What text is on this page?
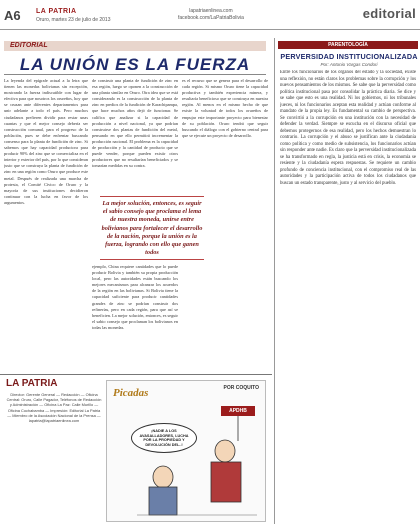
A6 LA PATRIA
Oruro, martes 23 de julio de 2013
lapatriaenlinea.com
facebook.com/LaPatriaBolivia	editorial
EDITORIAL
LA UNIÓN ES LA FUERZA
La leyenda del epígrafe actual a la letra que tienen las monedas bolivianas sin excepción, mostrando la fuerza indiscutible con lugar de efectiva para que nosotros los orureños, hoy que se cruzan ante diferentes departamentos para unir adelante a todo el país. Pero muchos ciudadanos prefieren dividir para restar unas cuantas y que el mejor consejo debería ser construcción comunal, para el progreso de la población, pues se debe enfrentar buscando consenso para la planta de fundición de zinc. Si sabemos que hay capacidad productora para producir 90% del zinc que se comercializa en el interior y exterior del país, por lo que consideran justo que se construya la planta de fundición de zinc en una región como Oruro que produce este metal. Después de realizada una marcha de protesta, el Comité Cívico de Oruro y la mayoría de sus instituciones decidieron continuar con la lucha en favor de los argumentos.
de construir una planta de fundición de zinc en esa región, luego se oponen a la construcción de una planta similar en Oruro. Otra idea que se está considerando es la construcción de la planta de zinc en predios de la fundición de Karachipampa, que hace muchos años dejó de funcionar. Se califica que analizar si la capacidad de producción a nivel nacional, ya que podrían construirse dos plantas de fundición del metal, pensando en que ello permitirá incrementar la producción nacional. El problema es la capacidad de producción y la cantidad de producto que se puede vender, porque pueden existir otros productores que no resultarían beneficiados y se tomarían medidas en su contra.
es el recurso que se genera para el desarrollo de cada región. Si mismo Oruro tiene la capacidad productiva y también experiencia minera, y resultaría beneficioso que se construya en nuestra región. Al menos en el mismo hecho de que existe la voluntad de todos los orureños de empujar este importante proyecto para bienestar de su población. Oruro tendrá que seguir buscando el diálogo con el gobierno central para que se ejecute un proyecto de desarrollo.
ejemplo, China requiere cantidades que lo puede producir Bolivia y también su propia producción local, pero las autoridades están buscando los mejores mecanismos para alcanzar los acuerdos de la región en las bolivianas. Si Bolivia tiene la capacidad suficiente para producir cantidades grandes de zinc se podrían construir dos refinerías, pero en cada región, para que así se beneficien. La mejor solución, entonces, es seguir el sabio consejo que proclaman los bolivianos en todas las monedas.
La mejor solución, entonces, es seguir el sabio consejo que proclama el lema de nuestra moneda, unirse entre bolivianos para fortalecer el desarrollo de la nación, porque la unión es la fuerza, logrando con ello que ganen todos
LA PATRIA
Director: Gerente General — Redacción — Oficina Central: Oruro, Calle Pagador, Teléfonos de Redacción y Administración — Oficina La Paz: Calle Murillo — Oficina Cochabamba — Impresión: Editorial La Patria — Miembro de la Asociación Nacional de la Prensa — lapatria@lapatriaenlinea.com
Picadas	POR COQUITO
¡NADIE A LOS AVASALLADORES, LUCHA POR LA PROPIEDAD Y DEVOLUCIÓN DEL..!
APDHB
PARENTOLOGÍA
PERVERSIDAD INSTITUCIONALIZADA
Por: Antonio Vargas Condori
Entre los funcionarios de los órganos del estado y la sociedad, existe una reflexión, no están claros los problemas sobre la corrupción y los nuevos pensamientos de los mismos. Se sabe que la perversidad como política institucional pasa por consolidar la práctica diaria. Se dice y se sabe que esto es una realidad. Ni los gobiernos, ni los tribunales jueces, ni los funcionarios aceptan esta realidad y actúan conforme al mandato de la propia ley. Es fundamental su cambio de perspectiva. Se convirtió a la corrupción en una institución con la necesidad de defender la verdad. Siempre se escucha en el discurso oficial que debemos protegernos de esa realidad, pero los hechos demuestran lo contrario. La corrupción y el abuso se justifican ante la ciudadanía como política y como medio de subsistencia, los funcionarios actúan sin responder ante nadie. Es claro que la perversidad institucionalizada se ha transformado en regla, la justicia está en crisis, la economía se resiente y la ciudadanía espera respuestas. Se requiere un cambio profundo de conciencia institucional, con el compromiso real de las autoridades y la participación activa de todos los ciudadanos que buscan un estado transparente, justo y al servicio del pueblo.
